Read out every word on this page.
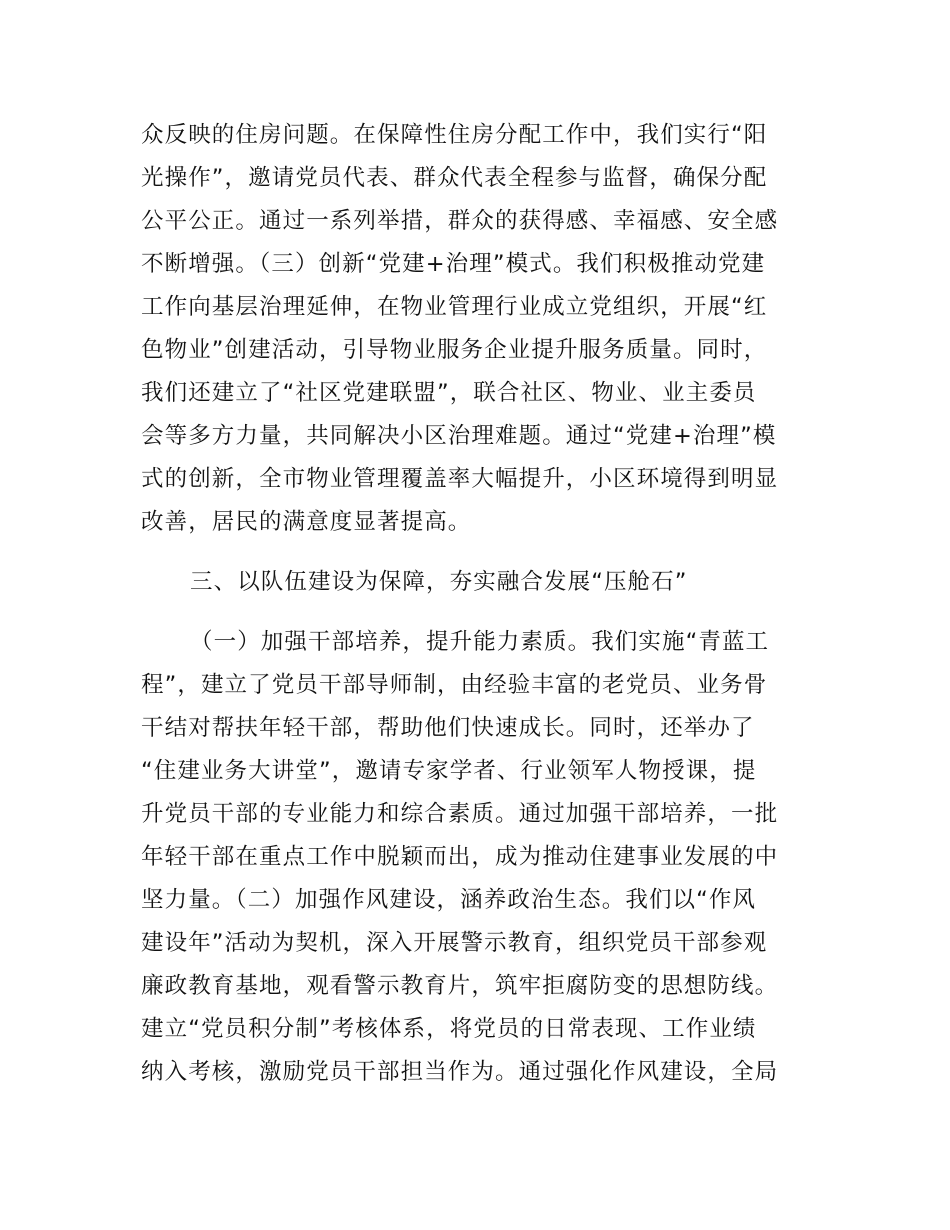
众反映的住房问题。在保障性住房分配工作中，我们实行“阳

光操作”，邀请党员代表、群众代表全程参与监督，确保分配

公平公正。通过一系列举措，群众的获得感、幸福感、安全感

不断增强。（三）创新“党建+治理”模式。我们积极推动党建

工作向基层治理延伸，在物业管理行业成立党组织，开展“红

色物业”创建活动，引导物业服务企业提升服务质量。同时，

我们还建立了“社区党建联盟”，联合社区、物业、业主委员

会等多方力量，共同解决小区治理难题。通过“党建+治理”模

式的创新，全市物业管理覆盖率大幅提升，小区环境得到明显

改善，居民的满意度显著提高。

三、以队伍建设为保障，夯实融合发展“压舱石”

（一）加强干部培养，提升能力素质。我们实施“青蓝工

程”，建立了党员干部导师制，由经验丰富的老党员、业务骨

干结对帮扶年轻干部，帮助他们快速成长。同时，还举办了

“住建业务大讲堂”，邀请专家学者、行业领军人物授课，提

升党员干部的专业能力和综合素质。通过加强干部培养，一批

年轻干部在重点工作中脱颖而出，成为推动住建事业发展的中

坚力量。（二）加强作风建设，涵养政治生态。我们以“作风

建设年”活动为契机，深入开展警示教育，组织党员干部参观

廉政教育基地，观看警示教育片，筑牢拒腐防变的思想防线。

建立“党员积分制”考核体系，将党员的日常表现、工作业绩

纳入考核，激励党员干部担当作为。通过强化作风建设，全局
